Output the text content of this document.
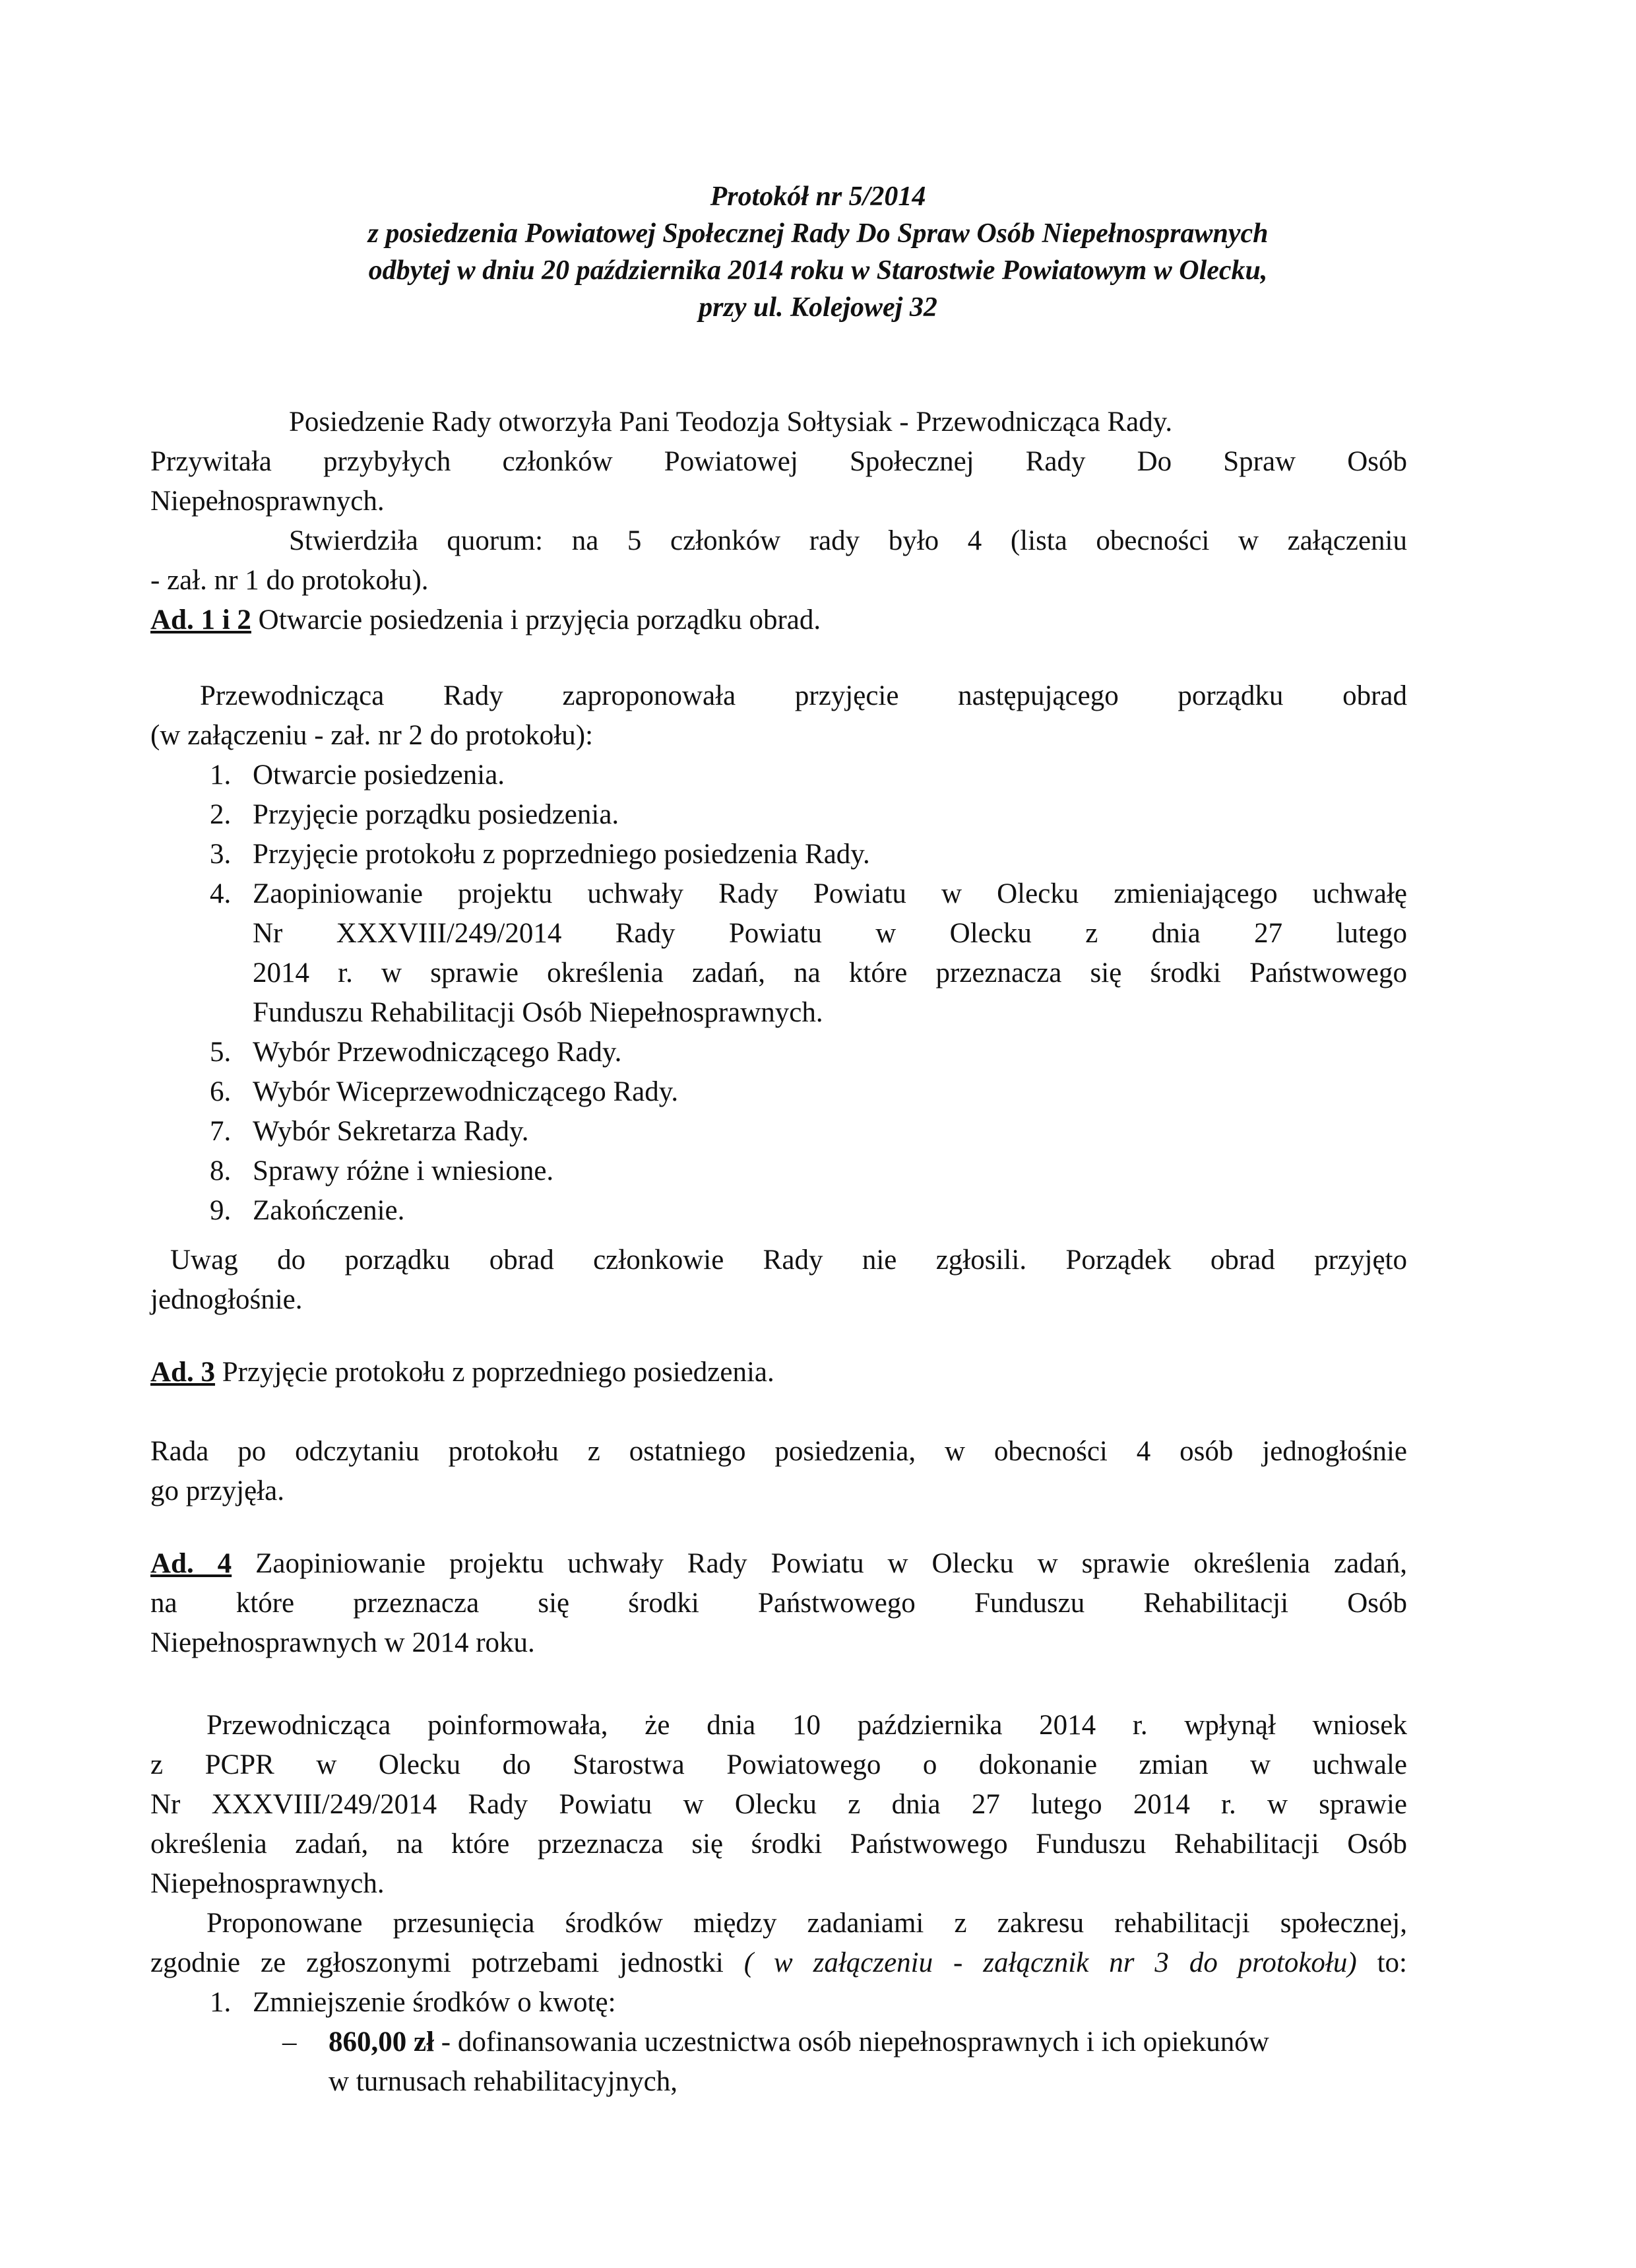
Protokół nr 5/2014
z posiedzenia Powiatowej Społecznej Rady Do Spraw Osób Niepełnosprawnych
odbytej w dniu 20 października 2014 roku w Starostwie Powiatowym w Olecku,
przy ul. Kolejowej 32
Posiedzenie Rady otworzyła Pani Teodozja Sołtysiak - Przewodnicząca Rady.
Przywitała przybyłych członków Powiatowej Społecznej Rady Do Spraw Osób
Niepełnosprawnych.
Stwierdziła quorum: na 5 członków rady było 4 (lista obecności w załączeniu
- zał. nr 1 do protokołu).
Ad. 1 i 2 Otwarcie posiedzenia i przyjęcia porządku obrad.
Przewodnicząca Rady zaproponowała przyjęcie następującego porządku obrad
(w załączeniu - zał. nr 2 do protokołu):
1. Otwarcie posiedzenia.
2. Przyjęcie porządku posiedzenia.
3. Przyjęcie protokołu z poprzedniego posiedzenia Rady.
4. Zaopiniowanie projektu uchwały Rady Powiatu w Olecku zmieniającego uchwałę
Nr XXXVIII/249/2014 Rady Powiatu w Olecku z dnia 27 lutego
2014 r. w sprawie określenia zadań, na które przeznacza się środki Państwowego
Funduszu Rehabilitacji Osób Niepełnosprawnych.
5. Wybór Przewodniczącego Rady.
6. Wybór Wiceprzewodniczącego Rady.
7. Wybór Sekretarza Rady.
8. Sprawy różne i wniesione.
9. Zakończenie.
Uwag do porządku obrad członkowie Rady nie zgłosili. Porządek obrad przyjęto
jednogłośnie.
Ad. 3 Przyjęcie protokołu z poprzedniego posiedzenia.
Rada po odczytaniu protokołu z ostatniego posiedzenia, w obecności 4 osób jednogłośnie
go przyjęła.
Ad. 4 Zaopiniowanie projektu uchwały Rady Powiatu w Olecku w sprawie określenia zadań,
na które przeznacza się środki Państwowego Funduszu Rehabilitacji Osób
Niepełnosprawnych w 2014 roku.
Przewodnicząca poinformowała, że dnia 10 października 2014 r. wpłynął wniosek
z PCPR w Olecku do Starostwa Powiatowego o dokonanie zmian w uchwale
Nr XXXVIII/249/2014 Rady Powiatu w Olecku z dnia 27 lutego 2014 r. w sprawie
określenia zadań, na które przeznacza się środki Państwowego Funduszu Rehabilitacji Osób
Niepełnosprawnych.
Proponowane przesunięcia środków między zadaniami z zakresu rehabilitacji społecznej,
zgodnie ze zgłoszonymi potrzebami jednostki ( w załączeniu - załącznik nr 3 do protokołu) to:
1. Zmniejszenie środków o kwotę:
– 860,00 zł - dofinansowania uczestnictwa osób niepełnosprawnych i ich opiekunów
w turnusach rehabilitacyjnych,
